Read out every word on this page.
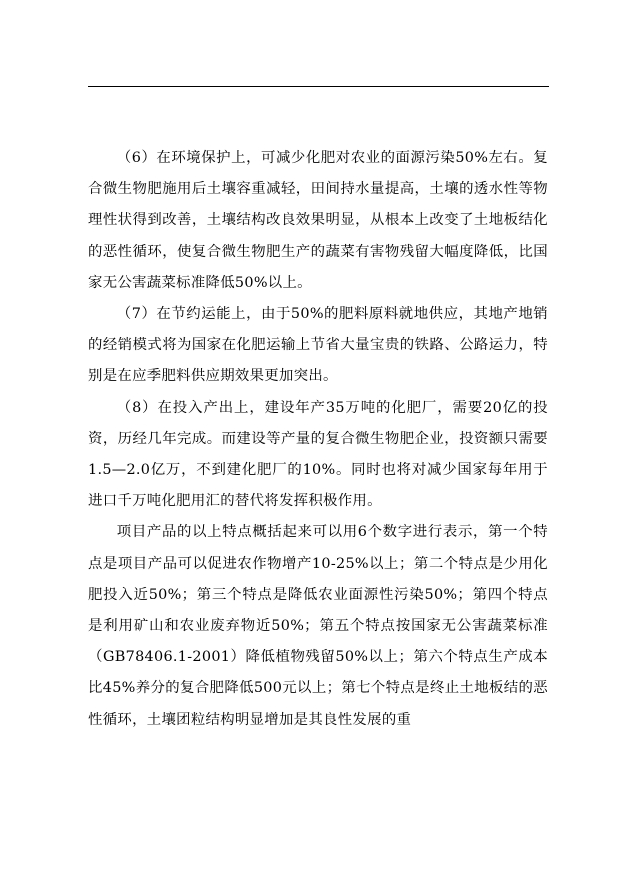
（6）在环境保护上，可减少化肥对农业的面源污染50%左右。复合微生物肥施用后土壤容重减轻，田间持水量提高，土壤的透水性等物理性状得到改善，土壤结构改良效果明显，从根本上改变了土地板结化的恶性循环，使复合微生物肥生产的蔬菜有害物残留大幅度降低，比国家无公害蔬菜标准降低50%以上。

（7）在节约运能上，由于50%的肥料原料就地供应，其地产地销的经销模式将为国家在化肥运输上节省大量宝贵的铁路、公路运力，特别是在应季肥料供应期效果更加突出。

（8）在投入产出上，建设年产35万吨的化肥厂，需要20亿的投资，历经几年完成。而建设等产量的复合微生物肥企业，投资额只需要1.5—2.0亿万，不到建化肥厂的10%。同时也将对减少国家每年用于进口千万吨化肥用汇的替代将发挥积极作用。

项目产品的以上特点概括起来可以用6个数字进行表示，第一个特点是项目产品可以促进农作物增产10-25%以上；第二个特点是少用化肥投入近50%；第三个特点是降低农业面源性污染50%；第四个特点是利用矿山和农业废弃物近50%；第五个特点按国家无公害蔬菜标准（GB78406.1-2001）降低植物残留50%以上；第六个特点生产成本比45%养分的复合肥降低500元以上；第七个特点是终止土地板结的恶性循环，土壤团粒结构明显增加是其良性发展的重
